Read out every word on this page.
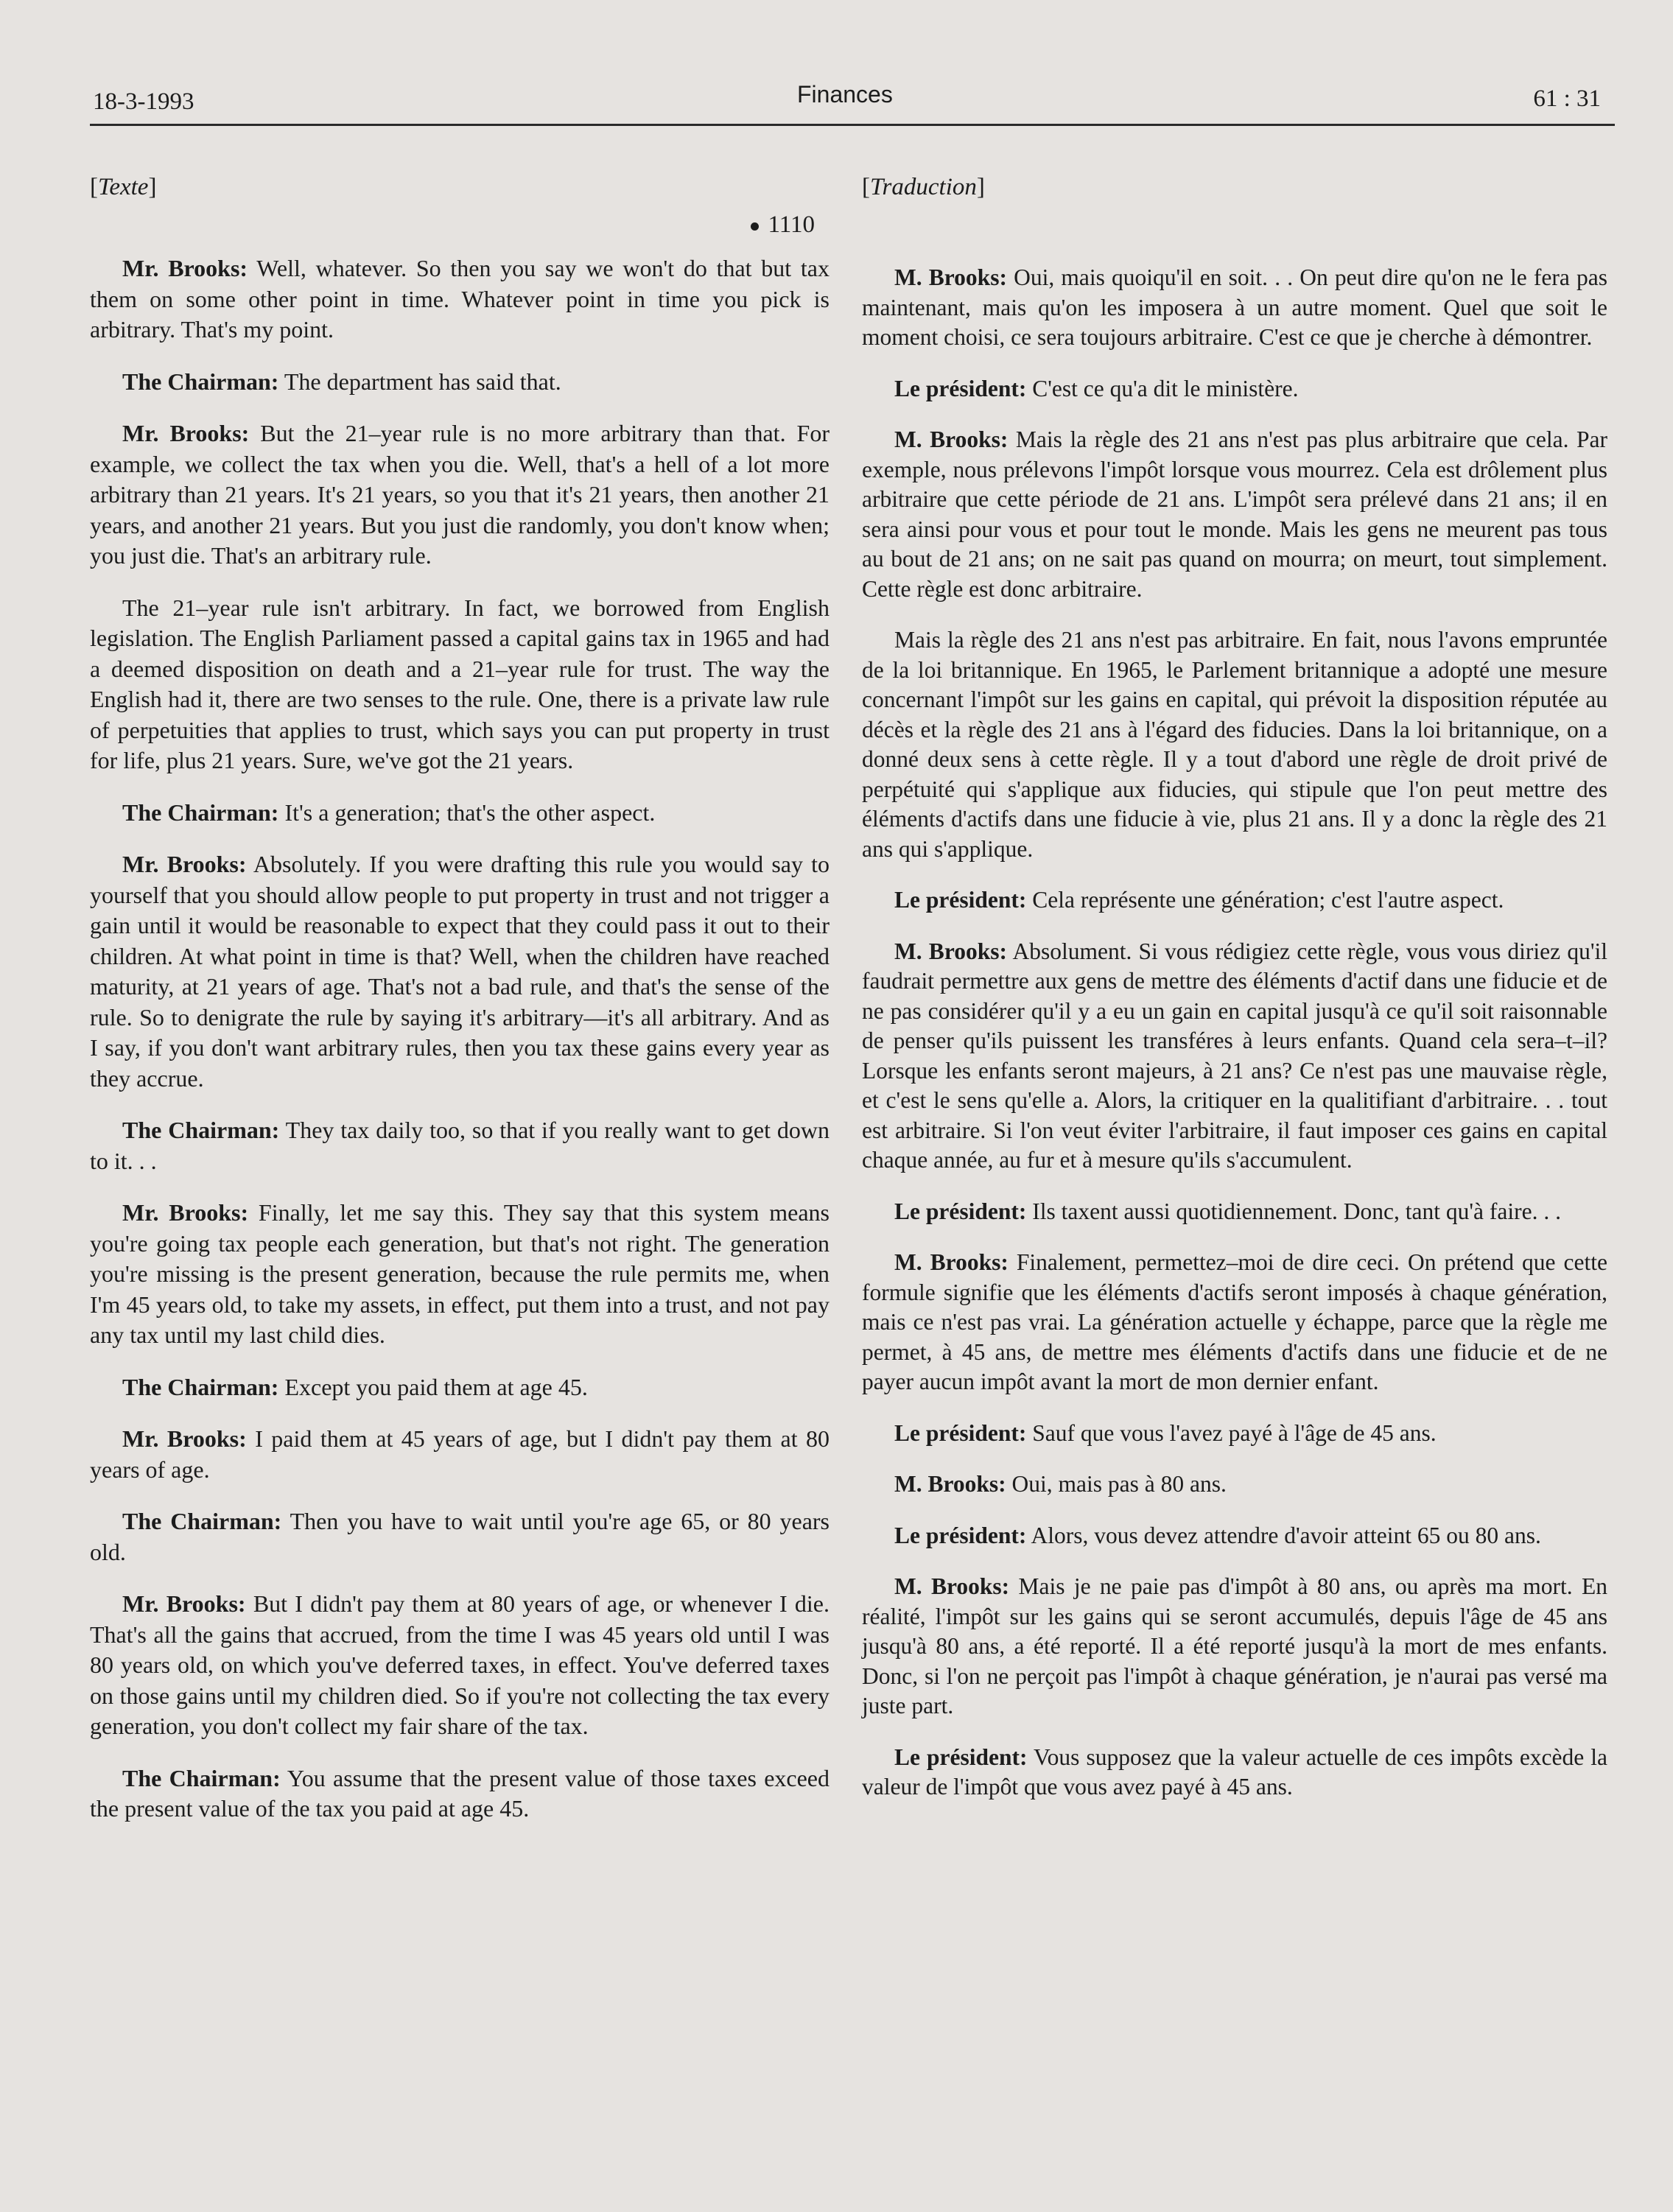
18-3-1993	Finances	61 : 31
[Texte]
1110

Mr. Brooks: Well, whatever. So then you say we won't do that but tax them on some other point in time. Whatever point in time you pick is arbitrary. That's my point.

The Chairman: The department has said that.

Mr. Brooks: But the 21–year rule is no more arbitrary than that. For example, we collect the tax when you die. Well, that's a hell of a lot more arbitrary than 21 years. It's 21 years, so you that it's 21 years, then another 21 years, and another 21 years. But you just die randomly, you don't know when; you just die. That's an arbitrary rule.

The 21–year rule isn't arbitrary. In fact, we borrowed from English legislation. The English Parliament passed a capital gains tax in 1965 and had a deemed disposition on death and a 21–year rule for trust. The way the English had it, there are two senses to the rule. One, there is a private law rule of perpetuities that applies to trust, which says you can put property in trust for life, plus 21 years. Sure, we've got the 21 years.

The Chairman: It's a generation; that's the other aspect.

Mr. Brooks: Absolutely. If you were drafting this rule you would say to yourself that you should allow people to put property in trust and not trigger a gain until it would be reasonable to expect that they could pass it out to their children. At what point in time is that? Well, when the children have reached maturity, at 21 years of age. That's not a bad rule, and that's the sense of the rule. So to denigrate the rule by saying it's arbitrary—it's all arbitrary. And as I say, if you don't want arbitrary rules, then you tax these gains every year as they accrue.

The Chairman: They tax daily too, so that if you really want to get down to it. . .

Mr. Brooks: Finally, let me say this. They say that this system means you're going tax people each generation, but that's not right. The generation you're missing is the present generation, because the rule permits me, when I'm 45 years old, to take my assets, in effect, put them into a trust, and not pay any tax until my last child dies.

The Chairman: Except you paid them at age 45.

Mr. Brooks: I paid them at 45 years of age, but I didn't pay them at 80 years of age.

The Chairman: Then you have to wait until you're age 65, or 80 years old.

Mr. Brooks: But I didn't pay them at 80 years of age, or whenever I die. That's all the gains that accrued, from the time I was 45 years old until I was 80 years old, on which you've deferred taxes, in effect. You've deferred taxes on those gains until my children died. So if you're not collecting the tax every generation, you don't collect my fair share of the tax.

The Chairman: You assume that the present value of those taxes exceed the present value of the tax you paid at age 45.

[Traduction]

M. Brooks: Oui, mais quoiqu'il en soit. . . On peut dire qu'on ne le fera pas maintenant, mais qu'on les imposera à un autre moment. Quel que soit le moment choisi, ce sera toujours arbitraire. C'est ce que je cherche à démontrer.

Le président: C'est ce qu'a dit le ministère.

M. Brooks: Mais la règle des 21 ans n'est pas plus arbitraire que cela. Par exemple, nous prélevons l'impôt lorsque vous mourrez. Cela est drôlement plus arbitraire que cette période de 21 ans. L'impôt sera prélevé dans 21 ans; il en sera ainsi pour vous et pour tout le monde. Mais les gens ne meurent pas tous au bout de 21 ans; on ne sait pas quand on mourra; on meurt, tout simplement. Cette règle est donc arbitraire.

Mais la règle des 21 ans n'est pas arbitraire. En fait, nous l'avons empruntée de la loi britannique. En 1965, le Parlement britannique a adopté une mesure concernant l'impôt sur les gains en capital, qui prévoit la disposition réputée au décès et la règle des 21 ans à l'égard des fiducies. Dans la loi britannique, on a donné deux sens à cette règle. Il y a tout d'abord une règle de droit privé de perpétuité qui s'applique aux fiducies, qui stipule que l'on peut mettre des éléments d'actifs dans une fiducie à vie, plus 21 ans. Il y a donc la règle des 21 ans qui s'applique.

Le président: Cela représente une génération; c'est l'autre aspect.

M. Brooks: Absolument. Si vous rédigiez cette règle, vous vous diriez qu'il faudrait permettre aux gens de mettre des éléments d'actif dans une fiducie et de ne pas considérer qu'il y a eu un gain en capital jusqu'à ce qu'il soit raisonnable de penser qu'ils puissent les transféres à leurs enfants. Quand cela sera–t–il? Lorsque les enfants seront majeurs, à 21 ans? Ce n'est pas une mauvaise règle, et c'est le sens qu'elle a. Alors, la critiquer en la qualitifiant d'arbitraire. . . tout est arbitraire. Si l'on veut éviter l'arbitraire, il faut imposer ces gains en capital chaque année, au fur et à mesure qu'ils s'accumulent.

Le président: Ils taxent aussi quotidiennement. Donc, tant qu'à faire. . .

M. Brooks: Finalement, permettez–moi de dire ceci. On prétend que cette formule signifie que les éléments d'actifs seront imposés à chaque génération, mais ce n'est pas vrai. La génération actuelle y échappe, parce que la règle me permet, à 45 ans, de mettre mes éléments d'actifs dans une fiducie et de ne payer aucun impôt avant la mort de mon dernier enfant.

Le président: Sauf que vous l'avez payé à l'âge de 45 ans.

M. Brooks: Oui, mais pas à 80 ans.

Le président: Alors, vous devez attendre d'avoir atteint 65 ou 80 ans.

M. Brooks: Mais je ne paie pas d'impôt à 80 ans, ou après ma mort. En réalité, l'impôt sur les gains qui se seront accumulés, depuis l'âge de 45 ans jusqu'à 80 ans, a été reporté. Il a été reporté jusqu'à la mort de mes enfants. Donc, si l'on ne perçoit pas l'impôt à chaque génération, je n'aurai pas versé ma juste part.

Le président: Vous supposez que la valeur actuelle de ces impôts excède la valeur de l'impôt que vous avez payé à 45 ans.
